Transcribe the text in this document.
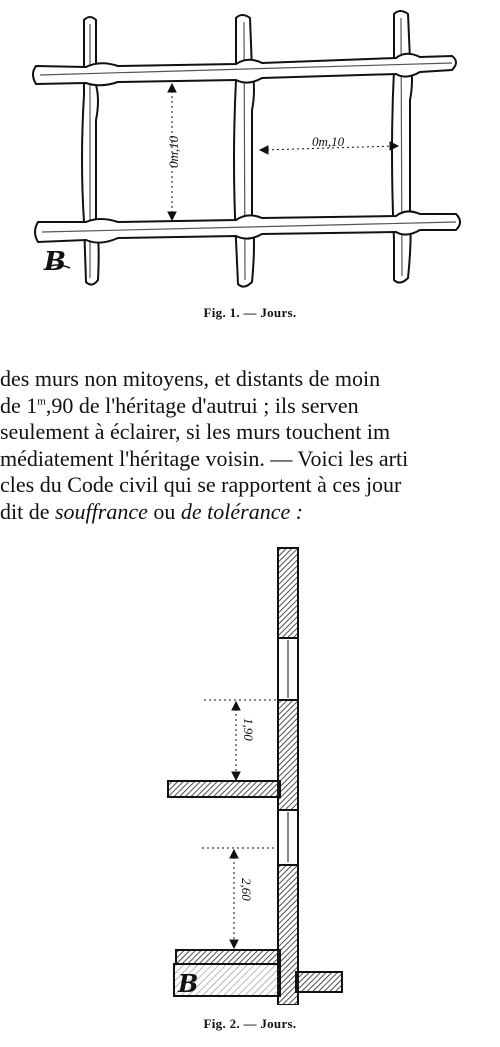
0m,10	0m,10
B
Fig. 1. — Jours.
des murs non mitoyens, et distants de moin
de 1$^m$,90 de l'héritage d'autrui ; ils serven
seulement à éclairer, si les murs touchent im
médiatement l'héritage voisin. — Voici les arti
cles du Code civil qui se rapportent à ces jour
dit de souffrance ou de tolérance :
1,90
2,60
B
Fig. 2. — Jours.
